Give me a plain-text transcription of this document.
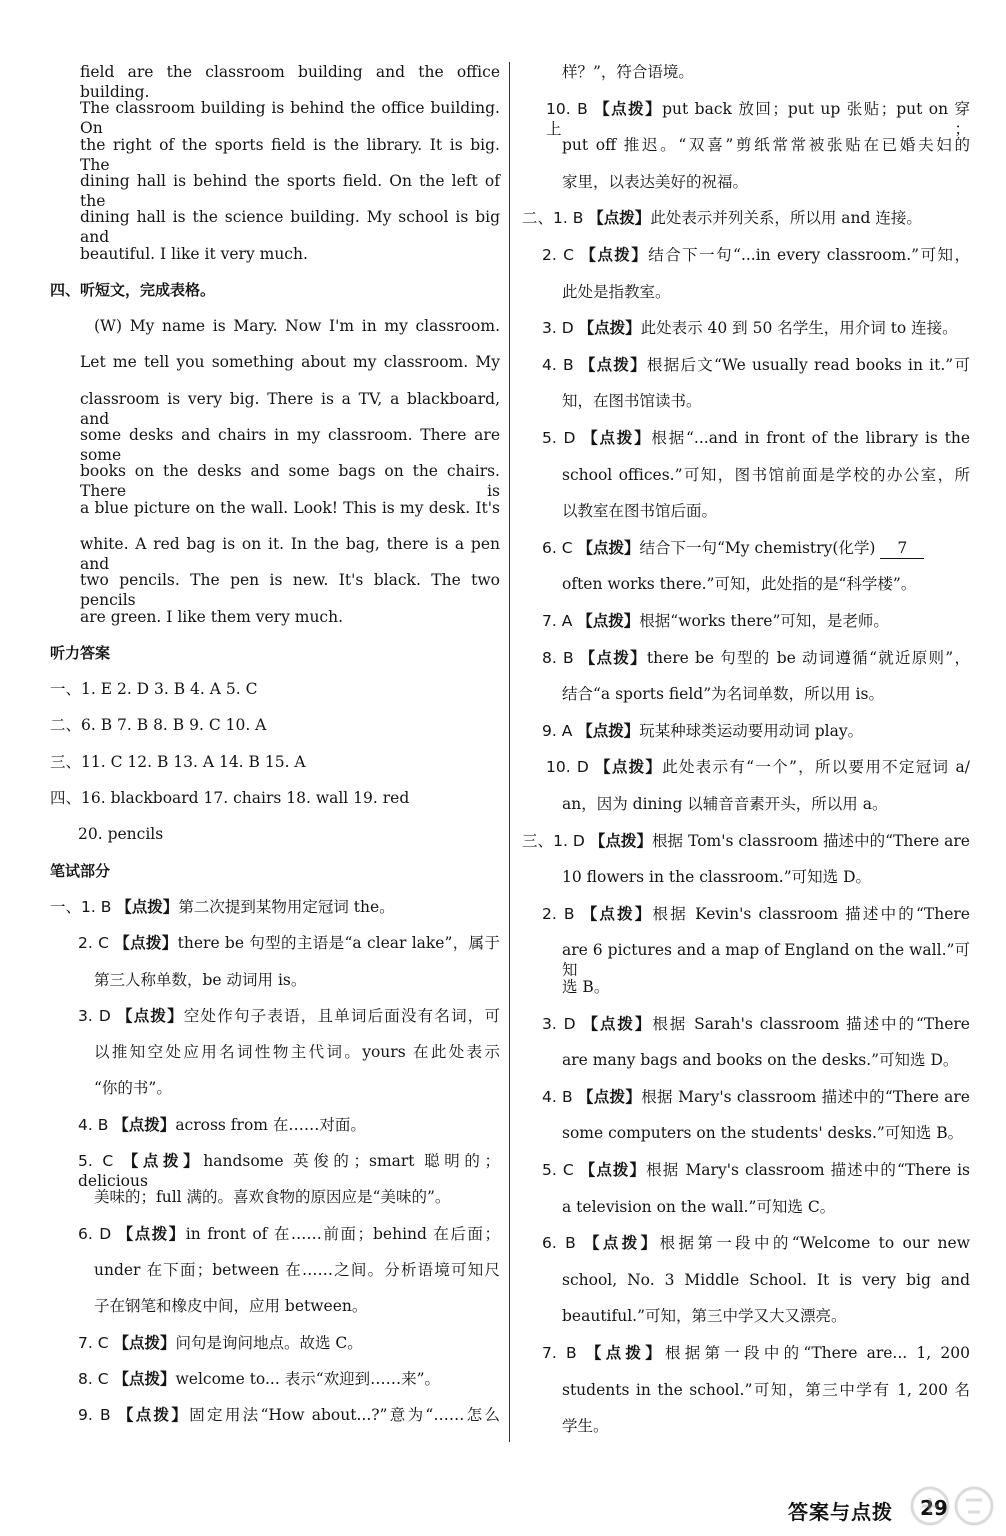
field are the classroom building and the office building.
The classroom building is behind the office building. On
the right of the sports field is the library. It is big. The
dining hall is behind the sports field. On the left of the
dining hall is the science building. My school is big and
beautiful. I like it very much.
四、听短文，完成表格。
(W) My name is Mary. Now I'm in my classroom.
Let me tell you something about my classroom. My
classroom is very big. There is a TV, a blackboard, and
some desks and chairs in my classroom. There are some
books on the desks and some bags on the chairs. There is
a blue picture on the wall. Look! This is my desk. It's
white. A red bag is on it. In the bag, there is a pen and
two pencils. The pen is new. It's black. The two pencils
are green. I like them very much.
听力答案
一、1. E 2. D 3. B 4. A 5. C
二、6. B 7. B 8. B 9. C 10. A
三、11. C 12. B 13. A 14. B 15. A
四、16. blackboard 17. chairs 18. wall 19. red
20. pencils
笔试部分
一、1. B 【点拨】第二次提到某物用定冠词 the。
2. C 【点拨】there be 句型的主语是“a clear lake”，属于
第三人称单数，be 动词用 is。
3. D 【点拨】空处作句子表语，且单词后面没有名词，可
以推知空处应用名词性物主代词。yours 在此处表示
“你的书”。
4. B 【点拨】across from 在……对面。
5. C 【点拨】handsome 英俊的；smart 聪明的；delicious
美味的；full 满的。喜欢食物的原因应是“美味的”。
6. D 【点拨】in front of 在……前面；behind 在后面；
under 在下面；between 在……之间。分析语境可知尺
子在钢笔和橡皮中间，应用 between。
7. C 【点拨】问句是询问地点。故选 C。
8. C 【点拨】welcome to... 表示“欢迎到……来”。
9. B 【点拨】固定用法“How about...?”意为“……怎么
样？”，符合语境。
10. B 【点拨】put back 放回；put up 张贴；put on 穿上；
put off 推迟。“双喜”剪纸常常被张贴在已婚夫妇的
家里，以表达美好的祝福。
二、1. B 【点拨】此处表示并列关系，所以用 and 连接。
2. C 【点拨】结合下一句“...in every classroom.”可知，
此处是指教室。
3. D 【点拨】此处表示 40 到 50 名学生，用介词 to 连接。
4. B 【点拨】根据后文“We usually read books in it.”可
知，在图书馆读书。
5. D 【点拨】根据“...and in front of the library is the
school offices.”可知，图书馆前面是学校的办公室，所
以教室在图书馆后面。
6. C 【点拨】结合下一句“My chemistry(化学) 7
often works there.”可知，此处指的是“科学楼”。
7. A 【点拨】根据“works there”可知，是老师。
8. B 【点拨】there be 句型的 be 动词遵循“就近原则”，
结合“a sports field”为名词单数，所以用 is。
9. A 【点拨】玩某种球类运动要用动词 play。
10. D 【点拨】此处表示有“一个”，所以要用不定冠词 a/
an，因为 dining 以辅音音素开头，所以用 a。
三、1. D 【点拨】根据 Tom's classroom 描述中的“There are
10 flowers in the classroom.”可知选 D。
2. B 【点拨】根据 Kevin's classroom 描述中的“There
are 6 pictures and a map of England on the wall.”可知
选 B。
3. D 【点拨】根据 Sarah's classroom 描述中的“There
are many bags and books on the desks.”可知选 D。
4. B 【点拨】根据 Mary's classroom 描述中的“There are
some computers on the students' desks.”可知选 B。
5. C 【点拨】根据 Mary's classroom 描述中的“There is
a television on the wall.”可知选 C。
6. B 【点拨】根据第一段中的“Welcome to our new
school, No. 3 Middle School. It is very big and
beautiful.”可知，第三中学又大又漂亮。
7. B 【点拨】根据第一段中的“There are... 1, 200
students in the school.”可知，第三中学有 1, 200 名
学生。
答案与点拨 29
